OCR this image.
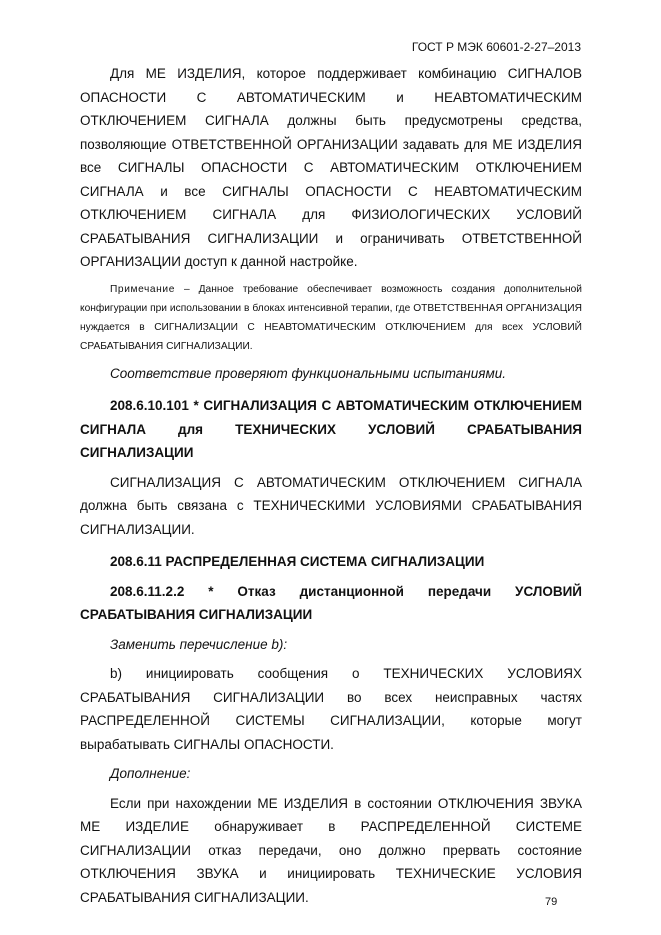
ГОСТ Р МЭК 60601-2-27–2013

Для МЕ ИЗДЕЛИЯ, которое поддерживает комбинацию СИГНАЛОВ ОПАСНОСТИ С АВТОМАТИЧЕСКИМ и НЕАВТОМАТИЧЕСКИМ ОТКЛЮЧЕНИЕМ СИГНАЛА должны быть предусмотрены средства, позволяющие ОТВЕТСТВЕННОЙ ОРГАНИЗАЦИИ задавать для МЕ ИЗДЕЛИЯ все СИГНАЛЫ ОПАСНОСТИ С АВТОМАТИЧЕСКИМ ОТКЛЮЧЕНИЕМ СИГНАЛА и все СИГНАЛЫ ОПАСНОСТИ С НЕАВТОМАТИЧЕСКИМ ОТКЛЮЧЕНИЕМ СИГНАЛА для ФИЗИОЛОГИЧЕСКИХ УСЛОВИЙ СРАБАТЫВАНИЯ СИГНАЛИЗАЦИИ и ограничивать ОТВЕТСТВЕННОЙ ОРГАНИЗАЦИИ доступ к данной настройке.

Примечание – Данное требование обеспечивает возможность создания дополнительной конфигурации при использовании в блоках интенсивной терапии, где ОТВЕТСТВЕННАЯ ОРГАНИЗАЦИЯ нуждается в СИГНАЛИЗАЦИИ С НЕАВТОМАТИЧЕСКИМ ОТКЛЮЧЕНИЕМ для всех УСЛОВИЙ СРАБАТЫВАНИЯ СИГНАЛИЗАЦИИ.

Соответствие проверяют функциональными испытаниями.

208.6.10.101 * СИГНАЛИЗАЦИЯ С АВТОМАТИЧЕСКИМ ОТКЛЮЧЕНИЕМ СИГНАЛА для ТЕХНИЧЕСКИХ УСЛОВИЙ СРАБАТЫВАНИЯ СИГНАЛИЗАЦИИ

СИГНАЛИЗАЦИЯ С АВТОМАТИЧЕСКИМ ОТКЛЮЧЕНИЕМ СИГНАЛА должна быть связана с ТЕХНИЧЕСКИМИ УСЛОВИЯМИ СРАБАТЫВАНИЯ СИГНАЛИЗАЦИИ.

208.6.11 РАСПРЕДЕЛЕННАЯ СИСТЕМА СИГНАЛИЗАЦИИ

208.6.11.2.2 * Отказ дистанционной передачи УСЛОВИЙ СРАБАТЫВАНИЯ СИГНАЛИЗАЦИИ

Заменить перечисление b):

b) инициировать сообщения о ТЕХНИЧЕСКИХ УСЛОВИЯХ СРАБАТЫВАНИЯ СИГНАЛИЗАЦИИ во всех неисправных частях РАСПРЕДЕЛЕННОЙ СИСТЕМЫ СИГНАЛИЗАЦИИ, которые могут вырабатывать СИГНАЛЫ ОПАСНОСТИ.

Дополнение:

Если при нахождении МЕ ИЗДЕЛИЯ в состоянии ОТКЛЮЧЕНИЯ ЗВУКА МЕ ИЗДЕЛИЕ обнаруживает в РАСПРЕДЕЛЕННОЙ СИСТЕМЕ СИГНАЛИЗАЦИИ отказ передачи, оно должно прервать состояние ОТКЛЮЧЕНИЯ ЗВУКА и инициировать ТЕХНИЧЕСКИЕ УСЛОВИЯ СРАБАТЫВАНИЯ СИГНАЛИЗАЦИИ.	79
